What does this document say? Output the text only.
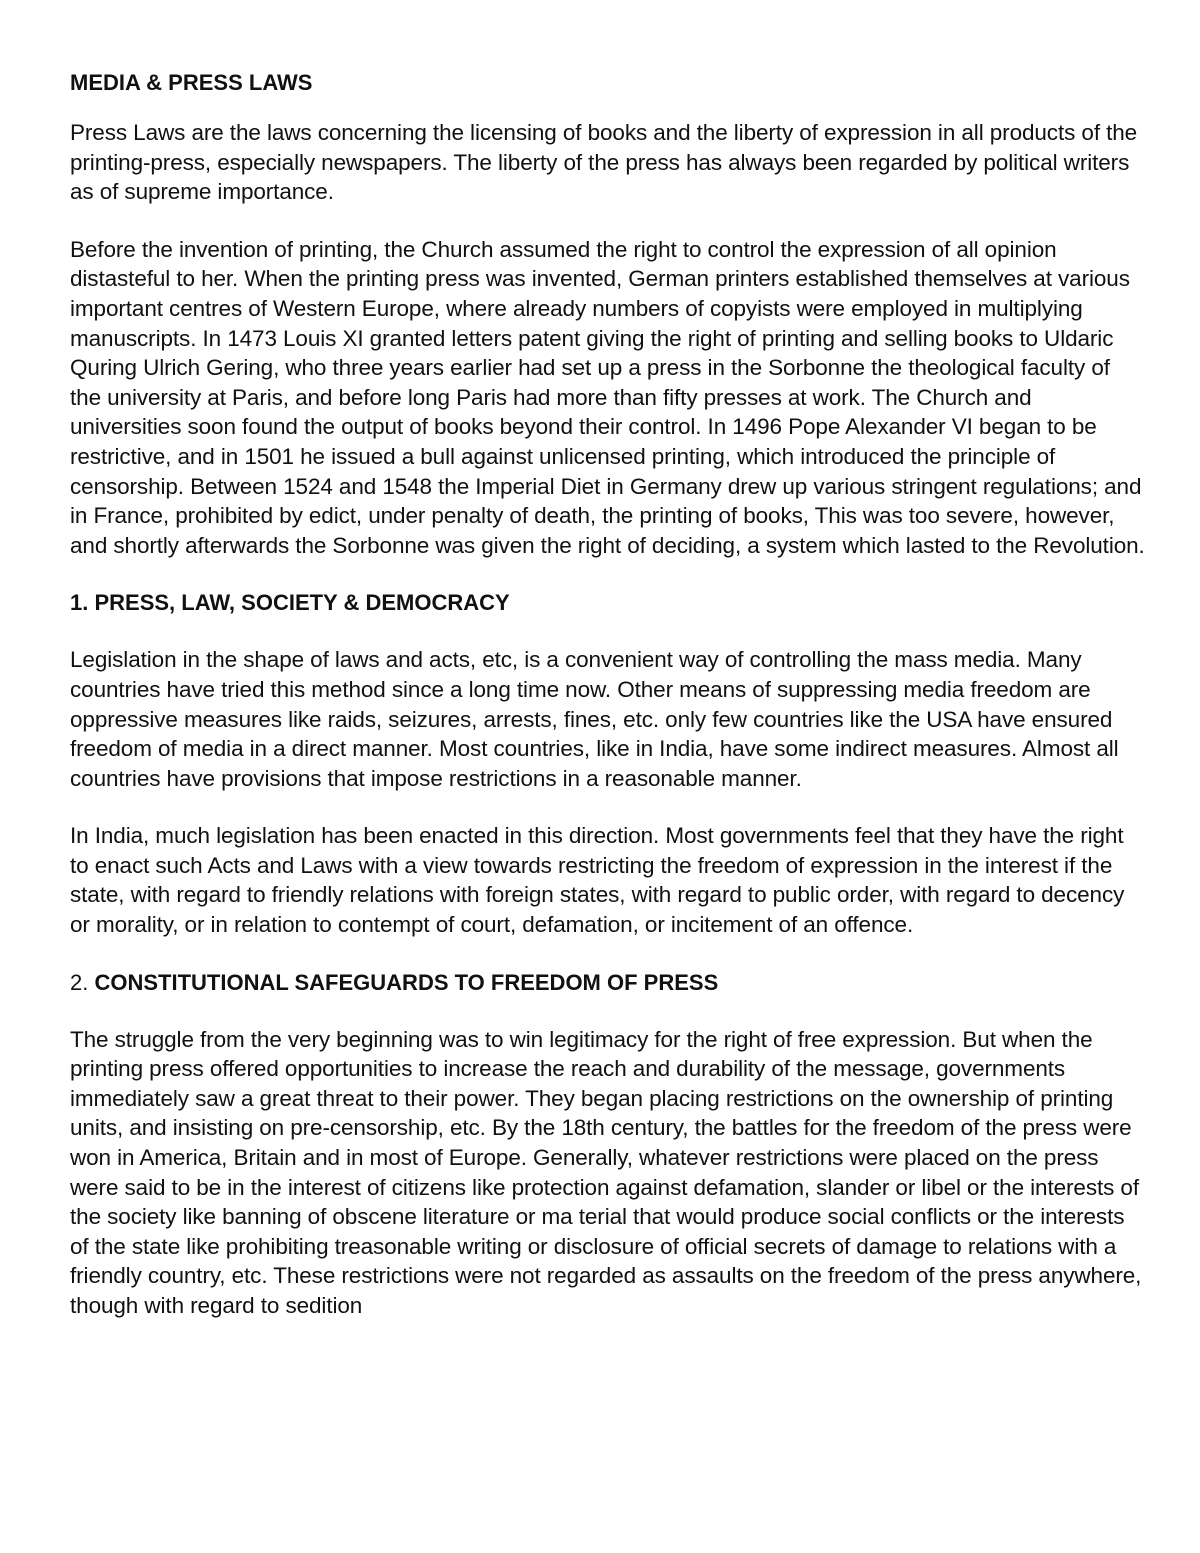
MEDIA & PRESS LAWS

Press Laws are the laws concerning the licensing of books and the liberty of expression in all products of the printing-press, especially newspapers. The liberty of the press has always been regarded by political writers as of supreme importance.

Before the invention of printing, the Church assumed the right to control the expression of all opinion distasteful to her. When the printing press was invented, German printers established themselves at various important centres of Western Europe, where already numbers of copyists were employed in multiplying manuscripts. In 1473 Louis XI granted letters patent giving the right of printing and selling books to Uldaric Quring Ulrich Gering, who three years earlier had set up a press in the Sorbonne the theological faculty of the university at Paris, and before long Paris had more than fifty presses at work. The Church and universities soon found the output of books beyond their control. In 1496 Pope Alexander VI began to be restrictive, and in 1501 he issued a bull against unlicensed printing, which introduced the principle of censorship. Between 1524 and 1548 the Imperial Diet in Germany drew up various stringent regulations; and in France, prohibited by edict, under penalty of death, the printing of books, This was too severe, however, and shortly afterwards the Sorbonne was given the right of deciding, a system which lasted to the Revolution.

1. PRESS, LAW, SOCIETY & DEMOCRACY

Legislation in the shape of laws and acts, etc, is a convenient way of controlling the mass media. Many countries have tried this method since a long time now. Other means of suppressing media freedom are oppressive measures like raids, seizures, arrests, fines, etc. only few countries like the USA have ensured freedom of media in a direct manner. Most countries, like in India, have some indirect measures. Almost all countries have provisions that impose restrictions in a reasonable manner.

In India, much legislation has been enacted in this direction. Most governments feel that they have the right to enact such Acts and Laws with a view towards restricting the freedom of expression in the interest if the state, with regard to friendly relations with foreign states, with regard to public order, with regard to decency or morality, or in relation to contempt of court, defamation, or incitement of an offence.

2. CONSTITUTIONAL SAFEGUARDS TO FREEDOM OF PRESS

The struggle from the very beginning was to win legitimacy for the right of free expression. But when the printing press offered opportunities to increase the reach and durability of the message, governments immediately saw a great threat to their power. They began placing restrictions on the ownership of printing units, and insisting on pre-censorship, etc. By the 18th century, the battles for the freedom of the press were won in America, Britain and in most of Europe. Generally, whatever restrictions were placed on the press were said to be in the interest of citizens like protection against defamation, slander or libel or the interests of the society like banning of obscene literature or ma terial that would produce social conflicts or the interests of the state like prohibiting treasonable writing or disclosure of official secrets of damage to relations with a friendly country, etc. These restrictions were not regarded as assaults on the freedom of the press anywhere, though with regard to sedition
